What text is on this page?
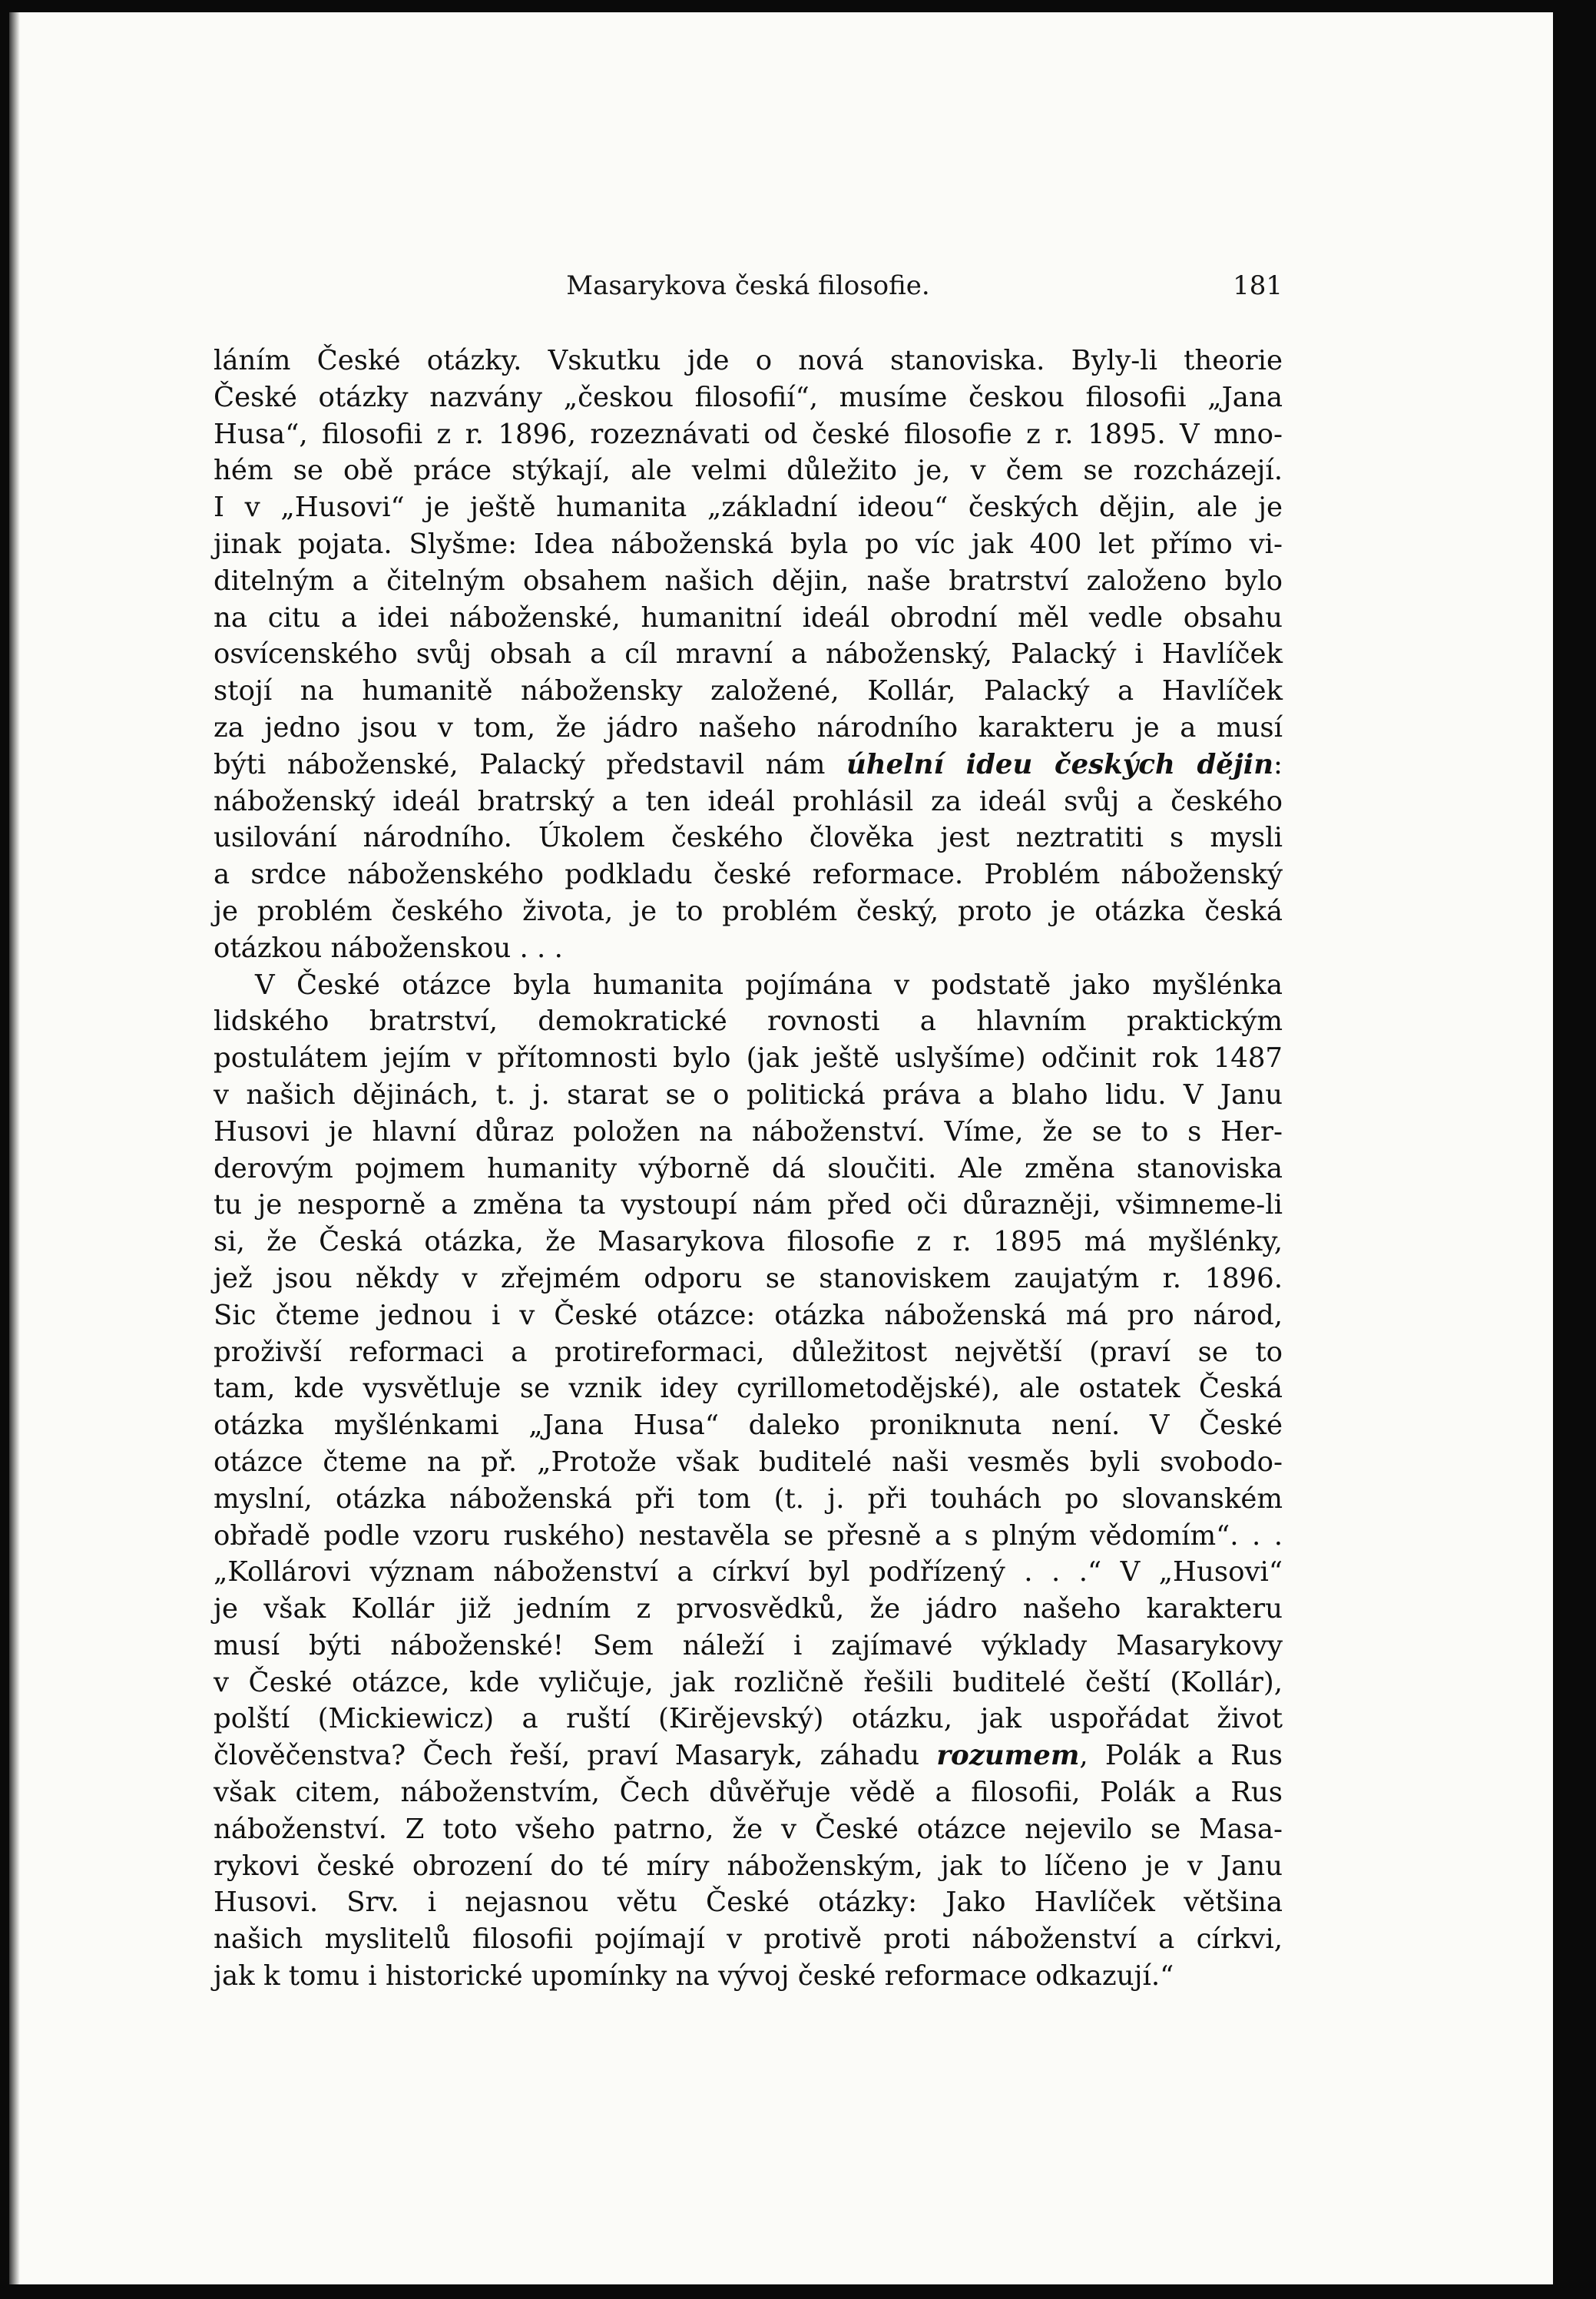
Masarykova česká filosofie.	181
láním České otázky. Vskutku jde o nová stanoviska. Byly-li theorie
České otázky nazvány „českou filosofií“, musíme českou filosofii „Jana
Husa“, filosofii z r. 1896, rozeznávati od české filosofie z r. 1895. V mno-
hém se obě práce stýkají, ale velmi důležito je, v čem se rozcházejí.
I v „Husovi“ je ještě humanita „základní ideou“ českých dějin, ale je
jinak pojata. Slyšme: Idea náboženská byla po víc jak 400 let přímo vi-
ditelným a čitelným obsahem našich dějin, naše bratrství založeno bylo
na citu a idei náboženské, humanitní ideál obrodní měl vedle obsahu
osvícenského svůj obsah a cíl mravní a náboženský, Palacký i Havlíček
stojí na humanitě nábožensky založené, Kollár, Palacký a Havlíček
za jedno jsou v tom, že jádro našeho národního karakteru je a musí
býti náboženské, Palacký představil nám úhelní ideu českých dějin:
náboženský ideál bratrský a ten ideál prohlásil za ideál svůj a českého
usilování národního. Úkolem českého člověka jest neztratiti s mysli
a srdce náboženského podkladu české reformace. Problém náboženský
je problém českého života, je to problém český, proto je otázka česká
otázkou náboženskou . . .
V České otázce byla humanita pojímána v podstatě jako myšlénka
lidského bratrství, demokratické rovnosti a hlavním praktickým
postulátem jejím v přítomnosti bylo (jak ještě uslyšíme) odčinit rok 1487
v našich dějinách, t. j. starat se o politická práva a blaho lidu. V Janu
Husovi je hlavní důraz položen na náboženství. Víme, že se to s Her-
derovým pojmem humanity výborně dá sloučiti. Ale změna stanoviska
tu je nesporně a změna ta vystoupí nám před oči důrazněji, všimneme-li
si, že Česká otázka, že Masarykova filosofie z r. 1895 má myšlénky,
jež jsou někdy v zřejmém odporu se stanoviskem zaujatým r. 1896.
Sic čteme jednou i v České otázce: otázka náboženská má pro národ,
proživší reformaci a protireformaci, důležitost největší (praví se to
tam, kde vysvětluje se vznik idey cyrillometodějské), ale ostatek Česká
otázka myšlénkami „Jana Husa“ daleko proniknuta není. V České
otázce čteme na př. „Protože však buditelé naši vesměs byli svobodo-
myslní, otázka náboženská při tom (t. j. při touhách po slovanském
obřadě podle vzoru ruského) nestavěla se přesně a s plným vědomím“. . .
„Kollárovi význam náboženství a církví byl podřízený . . .“ V „Husovi“
je však Kollár již jedním z prvosvědků, že jádro našeho karakteru
musí býti náboženské! Sem náleží i zajímavé výklady Masarykovy
v České otázce, kde vyličuje, jak rozličně řešili buditelé čeští (Kollár),
polští (Mickiewicz) a ruští (Kirějevský) otázku, jak uspořádat život
člověčenstva? Čech řeší, praví Masaryk, záhadu rozumem, Polák a Rus
však citem, náboženstvím, Čech důvěřuje vědě a filosofii, Polák a Rus
náboženství. Z toto všeho patrno, že v České otázce nejevilo se Masa-
rykovi české obrození do té míry náboženským, jak to líčeno je v Janu
Husovi. Srv. i nejasnou větu České otázky: Jako Havlíček většina
našich myslitelů filosofii pojímají v protivě proti náboženství a církvi,
jak k tomu i historické upomínky na vývoj české reformace odkazují.“
